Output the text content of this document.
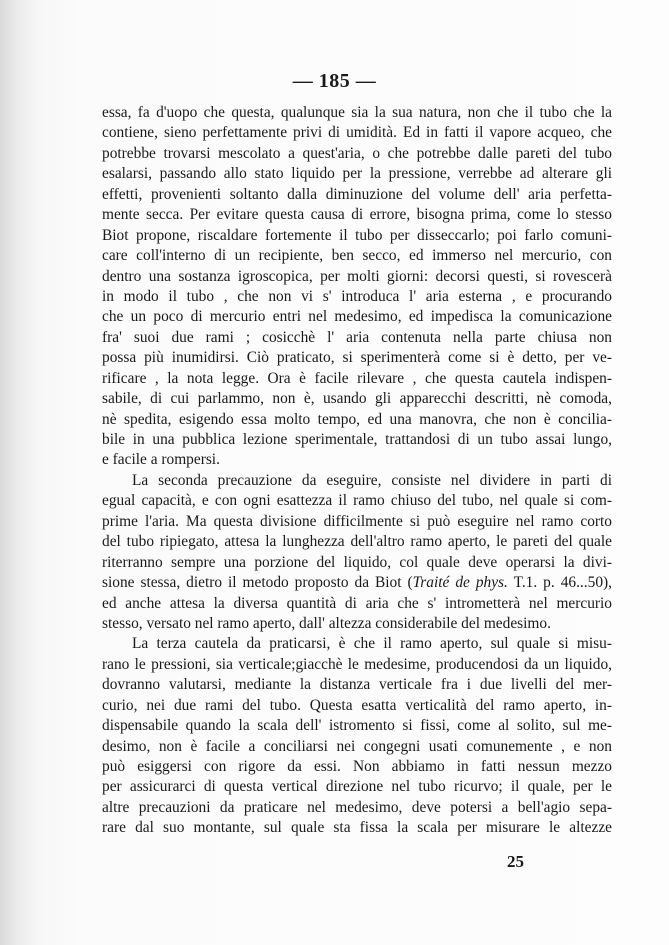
— 185 —
essa, fa d'uopo che questa, qualunque sia la sua natura, non che il tubo che la
contiene, sieno perfettamente privi di umidità. Ed in fatti il vapore acqueo, che
potrebbe trovarsi mescolato a quest'aria, o che potrebbe dalle pareti del tubo
esalarsi, passando allo stato liquido per la pressione, verrebbe ad alterare gli
effetti, provenienti soltanto dalla diminuzione del volume dell' aria perfetta-
mente secca. Per evitare questa causa di errore, bisogna prima, come lo stesso
Biot propone, riscaldare fortemente il tubo per disseccarlo; poi farlo comuni-
care coll'interno di un recipiente, ben secco, ed immerso nel mercurio, con
dentro una sostanza igroscopica, per molti giorni: decorsi questi, si rovescerà
in modo il tubo , che non vi s' introduca l' aria esterna , e procurando
che un poco di mercurio entri nel medesimo, ed impedisca la comunicazione
fra' suoi due rami ; cosicchè l' aria contenuta nella parte chiusa non
possa più inumidirsi. Ciò praticato, si sperimenterà come si è detto, per ve-
rificare , la nota legge. Ora è facile rilevare , che questa cautela indispen-
sabile, di cui parlammo, non è, usando gli apparecchi descritti, nè comoda,
nè spedita, esigendo essa molto tempo, ed una manovra, che non è concilia-
bile in una pubblica lezione sperimentale, trattandosi di un tubo assai lungo,
e facile a rompersi.
La seconda precauzione da eseguire, consiste nel dividere in parti di
egual capacità, e con ogni esattezza il ramo chiuso del tubo, nel quale si com-
prime l'aria. Ma questa divisione difficilmente si può eseguire nel ramo corto
del tubo ripiegato, attesa la lunghezza dell'altro ramo aperto, le pareti del quale
riterranno sempre una porzione del liquido, col quale deve operarsi la divi-
sione stessa, dietro il metodo proposto da Biot (Traité de phys. T.1. p. 46...50),
ed anche attesa la diversa quantità di aria che s' intrometterà nel mercurio
stesso, versato nel ramo aperto, dall' altezza considerabile del medesimo.
La terza cautela da praticarsi, è che il ramo aperto, sul quale si misu-
rano le pressioni, sia verticale;giacchè le medesime, producendosi da un liquido,
dovranno valutarsi, mediante la distanza verticale fra i due livelli del mer-
curio, nei due rami del tubo. Questa esatta verticalità del ramo aperto, in-
dispensabile quando la scala dell' istromento si fissi, come al solito, sul me-
desimo, non è facile a conciliarsi nei congegni usati comunemente , e non
può esiggersi con rigore da essi. Non abbiamo in fatti nessun mezzo
per assicurarci di questa vertical direzione nel tubo ricurvo; il quale, per le
altre precauzioni da praticare nel medesimo, deve potersi a bell'agio sepa-
rare dal suo montante, sul quale sta fissa la scala per misurare le altezze
25
